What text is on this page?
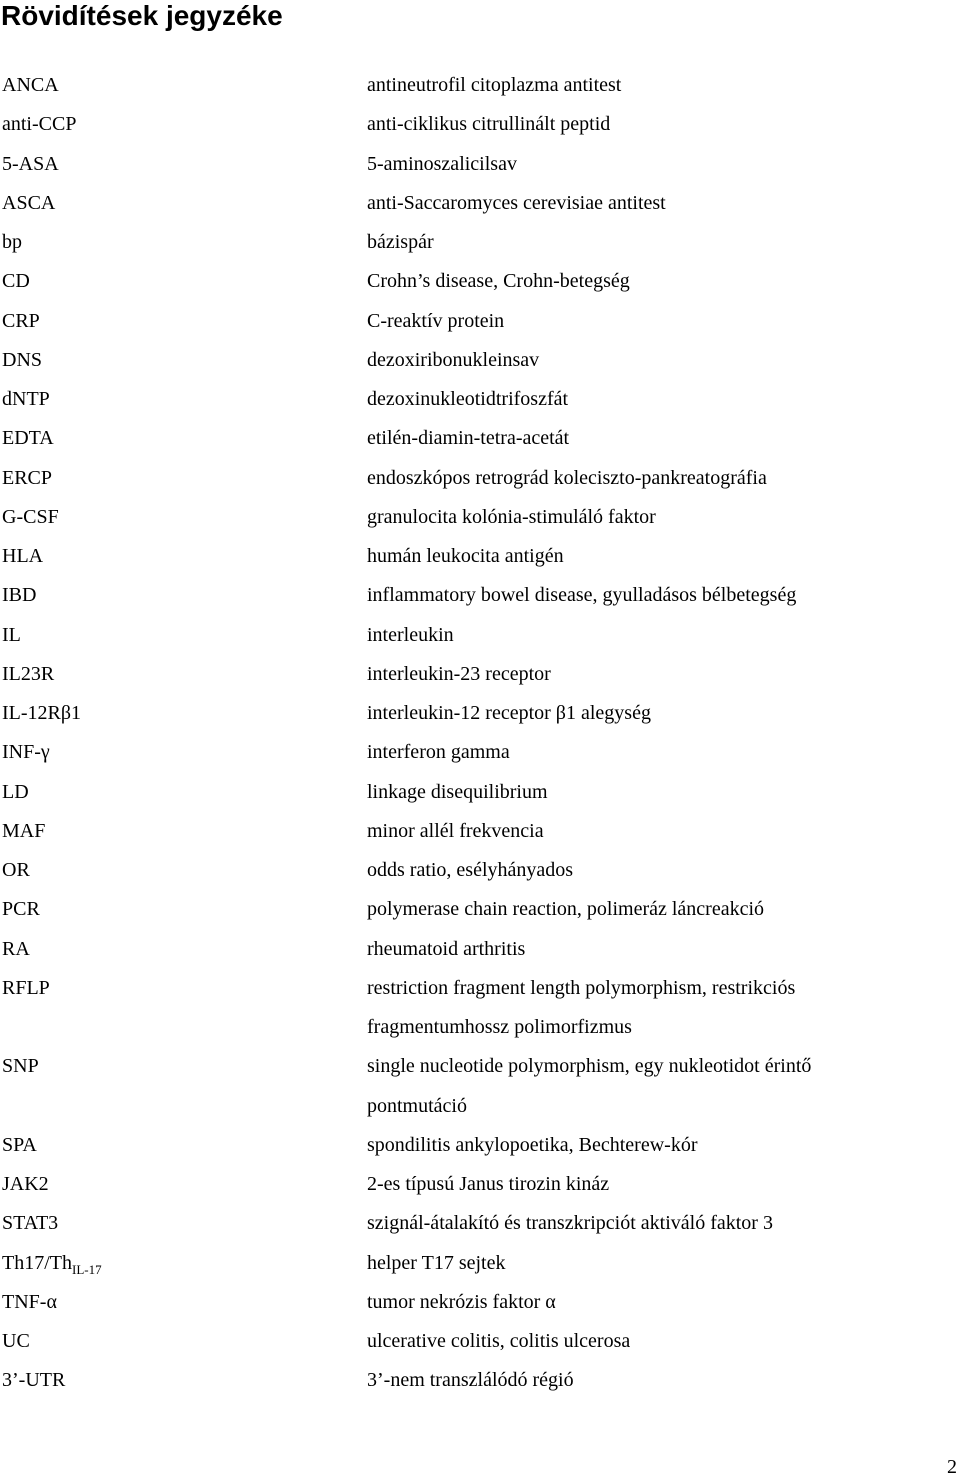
Rövidítések jegyzéke
ANCA	antineutrofil citoplazma antitest
anti-CCP	anti-ciklikus citrullinált peptid
5-ASA	5-aminoszalicilsav
ASCA	anti-Saccaromyces cerevisiae antitest
bp	bázispár
CD	Crohn’s disease, Crohn-betegség
CRP	C-reaktív protein
DNS	dezoxiribonukleinsav
dNTP	dezoxinukleotidtrifoszfát
EDTA	etilén-diamin-tetra-acetát
ERCP	endoszkópos retrográd koleciszto-pankreatográfia
G-CSF	granulocita kolónia-stimuláló faktor
HLA	humán leukocita antigén
IBD	inflammatory bowel disease, gyulladásos bélbetegség
IL	interleukin
IL23R	interleukin-23 receptor
IL-12Rβ1	interleukin-12 receptor β1 alegység
INF-γ	interferon gamma
LD	linkage disequilibrium
MAF	minor allél frekvencia
OR	odds ratio, esélyhányados
PCR	polymerase chain reaction, polimeráz láncreakció
RA	rheumatoid arthritis
RFLP	restriction fragment length polymorphism, restrikciós fragmentumhossz polimorfizmus
SNP	single nucleotide polymorphism, egy nukleotidot érintő pontmutáció
SPA	spondilitis ankylopoetika, Bechterew-kór
JAK2	2-es típusú Janus tirozin kináz
STAT3	szignál-átalakító és transzkripciót aktiváló faktor 3
$Th17/Th_{IL-17}$	helper T17 sejtek
TNF-α	tumor nekrózis faktor α
UC	ulcerative colitis, colitis ulcerosa
3’-UTR	3’-nem transzlálódó régió
2
